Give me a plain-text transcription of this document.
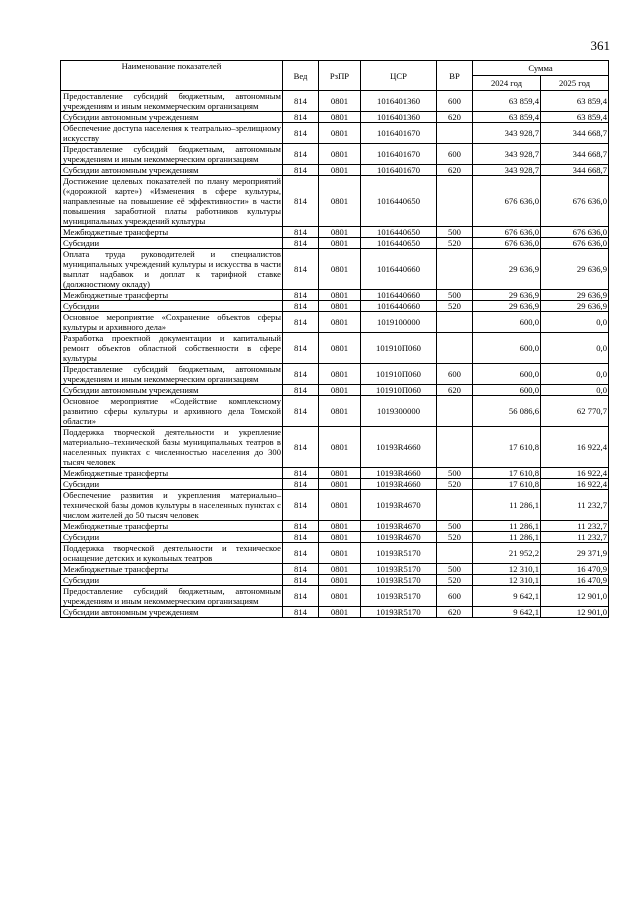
361
Наименование показателей	Вед	РзПР	ЦСР	ВР	Сумма	
					2024 год	2025 год
Предоставление субсидий бюджетным, автономным учреждениям и иным некоммерческим организациям	814	0801	1016401360	600	63 859,4	63 859,4
Субсидии автономным учреждениям	814	0801	1016401360	620	63 859,4	63 859,4
Обеспечение доступа населения к театрально–зрелищному искусству	814	0801	1016401670		343 928,7	344 668,7
Предоставление субсидий бюджетным, автономным учреждениям и иным некоммерческим организациям	814	0801	1016401670	600	343 928,7	344 668,7
Субсидии автономным учреждениям	814	0801	1016401670	620	343 928,7	344 668,7
Достижение целевых показателей по плану мероприятий («дорожной карте») «Изменения в сфере культуры, направленные на повышение её эффективности» в части повышения заработной платы работников культуры муниципальных учреждений культуры	814	0801	1016440650		676 636,0	676 636,0
Межбюджетные трансферты	814	0801	1016440650	500	676 636,0	676 636,0
Субсидии	814	0801	1016440650	520	676 636,0	676 636,0
Оплата труда руководителей и специалистов муниципальных учреждений культуры и искусства в части выплат надбавок и доплат к тарифной ставке (должностному окладу)	814	0801	1016440660		29 636,9	29 636,9
Межбюджетные трансферты	814	0801	1016440660	500	29 636,9	29 636,9
Субсидии	814	0801	1016440660	520	29 636,9	29 636,9
Основное мероприятие «Сохранение объектов сферы культуры и архивного дела»	814	0801	1019100000		600,0	0,0
Разработка проектной документации и капитальный ремонт объектов областной собственности в сфере культуры	814	0801	101910П060		600,0	0,0
Предоставление субсидий бюджетным, автономным учреждениям и иным некоммерческим организациям	814	0801	101910П060	600	600,0	0,0
Субсидии автономным учреждениям	814	0801	101910П060	620	600,0	0,0
Основное мероприятие «Содействие комплексному развитию сферы культуры и архивного дела Томской области»	814	0801	1019300000		56 086,6	62 770,7
Поддержка творческой деятельности и укрепление материально–технической базы муниципальных театров в населенных пунктах с численностью населения до 300 тысяч человек	814	0801	10193R4660		17 610,8	16 922,4
Межбюджетные трансферты	814	0801	10193R4660	500	17 610,8	16 922,4
Субсидии	814	0801	10193R4660	520	17 610,8	16 922,4
Обеспечение развития и укрепления материально–технической базы домов культуры в населенных пунктах с числом жителей до 50 тысяч человек	814	0801	10193R4670		11 286,1	11 232,7
Межбюджетные трансферты	814	0801	10193R4670	500	11 286,1	11 232,7
Субсидии	814	0801	10193R4670	520	11 286,1	11 232,7
Поддержка творческой деятельности и техническое оснащение детских и кукольных театров	814	0801	10193R5170		21 952,2	29 371,9
Межбюджетные трансферты	814	0801	10193R5170	500	12 310,1	16 470,9
Субсидии	814	0801	10193R5170	520	12 310,1	16 470,9
Предоставление субсидий бюджетным, автономным учреждениям и иным некоммерческим организациям	814	0801	10193R5170	600	9 642,1	12 901,0
Субсидии автономным учреждениям	814	0801	10193R5170	620	9 642,1	12 901,0
